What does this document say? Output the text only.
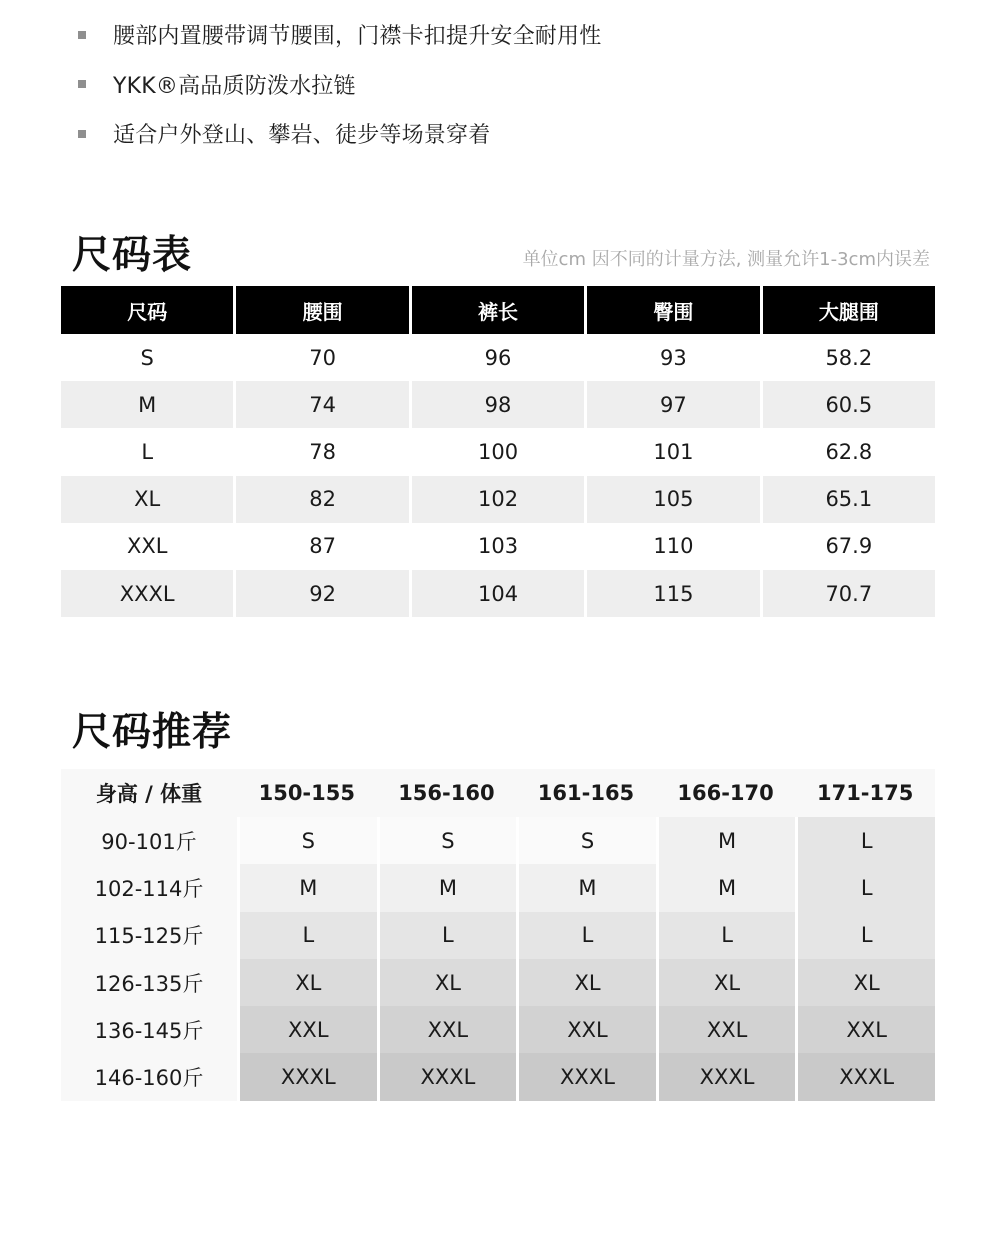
腰部内置腰带调节腰围，门襟卡扣提升安全耐用性
YKK®高品质防泼水拉链
适合户外登山、攀岩、徒步等场景穿着
尺码表	单位cm 因不同的计量方法, 测量允许1-3cm内误差
尺码	腰围	裤长	臀围	大腿围
S	70	96	93	58.2
M	74	98	97	60.5
L	78	100	101	62.8
XL	82	102	105	65.1
XXL	87	103	110	67.9
XXXL	92	104	115	70.7
尺码推荐
身高 / 体重	150-155	156-160	161-165	166-170	171-175
90-101斤	S	S	S	M	L
102-114斤	M	M	M	M	L
115-125斤	L	L	L	L	L
126-135斤	XL	XL	XL	XL	XL
136-145斤	XXL	XXL	XXL	XXL	XXL
146-160斤	XXXL	XXXL	XXXL	XXXL	XXXL
